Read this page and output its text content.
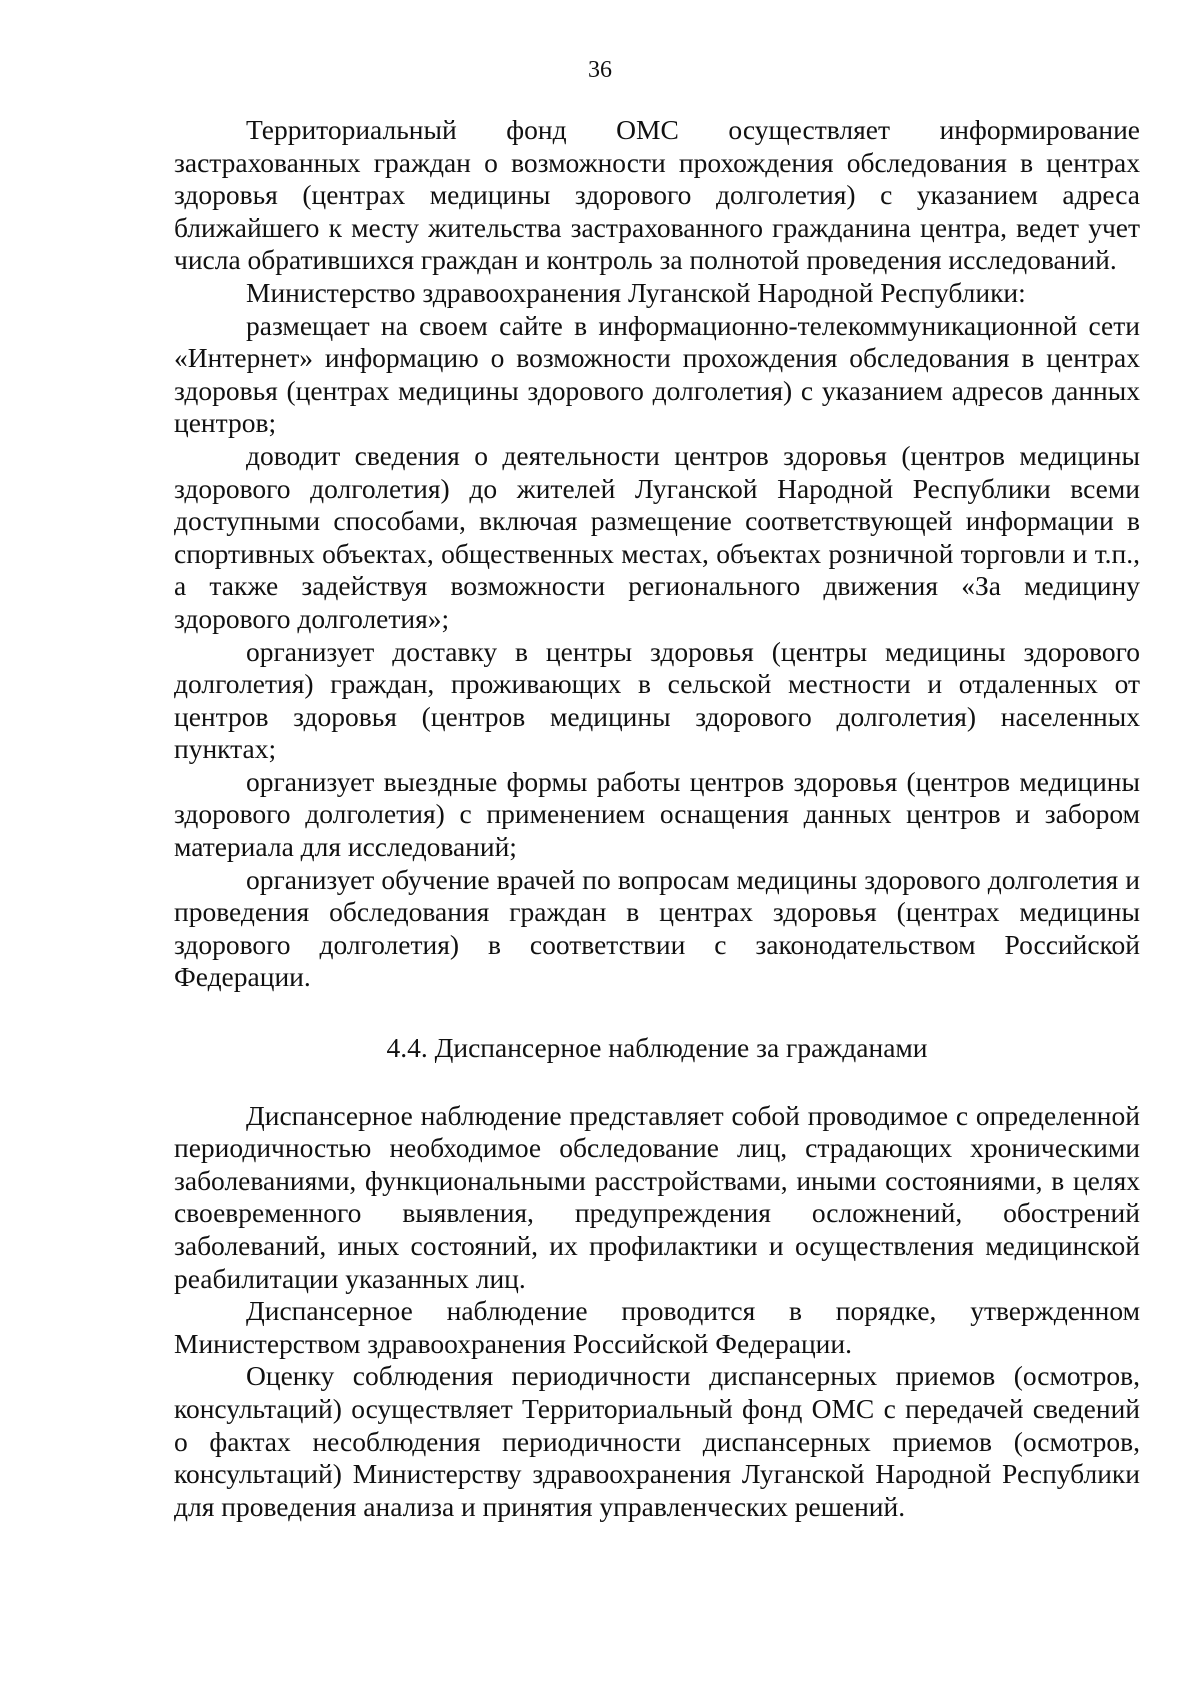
36

Территориальный фонд ОМС осуществляет информирование застрахованных граждан о возможности прохождения обследования в центрах здоровья (центрах медицины здорового долголетия) с указанием адреса ближайшего к месту жительства застрахованного гражданина центра, ведет учет числа обратившихся граждан и контроль за полнотой проведения исследований.

Министерство здравоохранения Луганской Народной Республики:

размещает на своем сайте в информационно-телекоммуникационной сети «Интернет» информацию о возможности прохождения обследования в центрах здоровья (центрах медицины здорового долголетия) с указанием адресов данных центров;

доводит сведения о деятельности центров здоровья (центров медицины здорового долголетия) до жителей Луганской Народной Республики всеми доступными способами, включая размещение соответствующей информации в спортивных объектах, общественных местах, объектах розничной торговли и т.п., а также задействуя возможности регионального движения «За медицину здорового долголетия»;

организует доставку в центры здоровья (центры медицины здорового долголетия) граждан, проживающих в сельской местности и отдаленных от центров здоровья (центров медицины здорового долголетия) населенных пунктах;

организует выездные формы работы центров здоровья (центров медицины здорового долголетия) с применением оснащения данных центров и забором материала для исследований;

организует обучение врачей по вопросам медицины здорового долголетия и проведения обследования граждан в центрах здоровья (центрах медицины здорового долголетия) в соответствии с законодательством Российской Федерации.

4.4. Диспансерное наблюдение за гражданами

Диспансерное наблюдение представляет собой проводимое с определенной периодичностью необходимое обследование лиц, страдающих хроническими заболеваниями, функциональными расстройствами, иными состояниями, в целях своевременного выявления, предупреждения осложнений, обострений заболеваний, иных состояний, их профилактики и осуществления медицинской реабилитации указанных лиц.

Диспансерное наблюдение проводится в порядке, утвержденном Министерством здравоохранения Российской Федерации.

Оценку соблюдения периодичности диспансерных приемов (осмотров, консультаций) осуществляет Территориальный фонд ОМС с передачей сведений о фактах несоблюдения периодичности диспансерных приемов (осмотров, консультаций) Министерству здравоохранения Луганской Народной Республики для проведения анализа и принятия управленческих решений.
